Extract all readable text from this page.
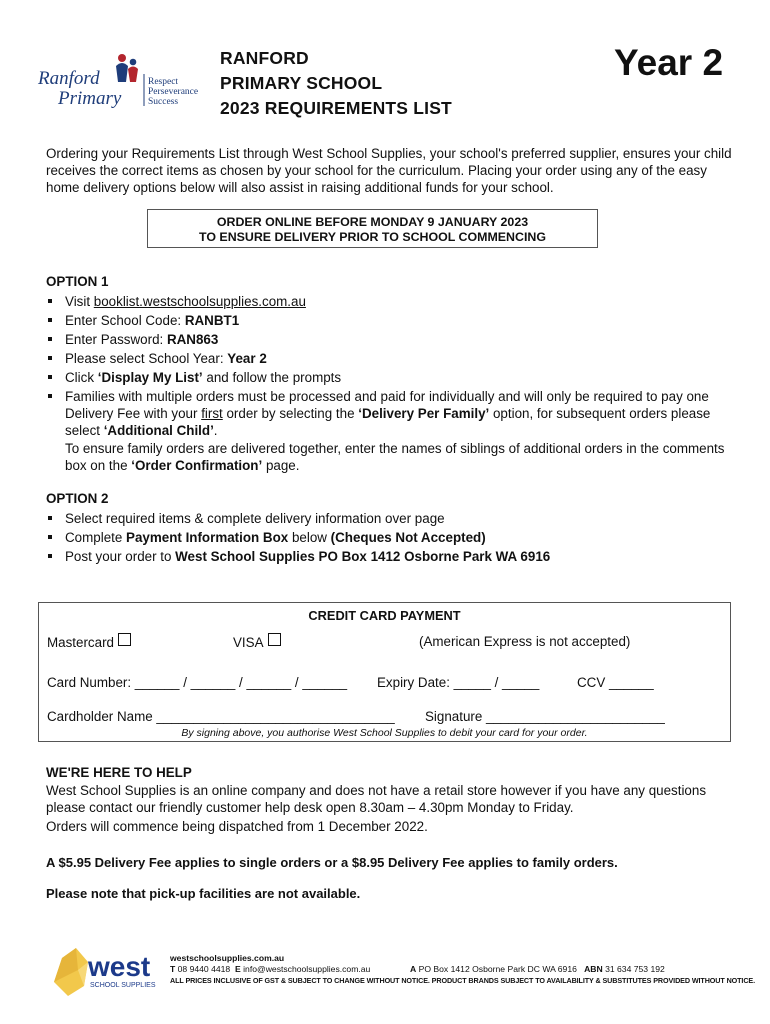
Ranford
Primary
Respect
Perseverance
Success
RANFORD
PRIMARY SCHOOL
2023 REQUIREMENTS LIST
Year 2
Ordering your Requirements List through West School Supplies, your school's preferred supplier, ensures your child receives the correct items as chosen by your school for the curriculum. Placing your order using any of the easy home delivery options below will also assist in raising additional funds for your school.
ORDER ONLINE BEFORE MONDAY 9 JANUARY 2023
TO ENSURE DELIVERY PRIOR TO SCHOOL COMMENCING
OPTION 1
Visit booklist.westschoolsupplies.com.au
Enter School Code: RANBT1
Enter Password: RAN863
Please select School Year: Year 2
Click ‘Display My List’ and follow the prompts
Families with multiple orders must be processed and paid for individually and will only be required to pay one Delivery Fee with your first order by selecting the ‘Delivery Per Family’ option, for subsequent orders please select ‘Additional Child’.
To ensure family orders are delivered together, enter the names of siblings of additional orders in the comments box on the ‘Order Confirmation’ page.
OPTION 2
Select required items & complete delivery information over page
Complete Payment Information Box below (Cheques Not Accepted)
Post your order to West School Supplies PO Box 1412 Osborne Park WA 6916
CREDIT CARD PAYMENT
Mastercard	VISA	(American Express is not accepted)
Card Number: ______ / ______ / ______ / ______ Expiry Date: _____ / _____	CCV ______
Cardholder Name ________________________________ Signature ________________________
By signing above, you authorise West School Supplies to debit your card for your order.
WE'RE HERE TO HELP
West School Supplies is an online company and does not have a retail store however if you have any questions please contact our friendly customer help desk open 8.30am – 4.30pm Monday to Friday.
Orders will commence being dispatched from 1 December 2022.
A $5.95 Delivery Fee applies to single orders or a $8.95 Delivery Fee applies to family orders.
Please note that pick-up facilities are not available.
west
SCHOOL SUPPLIES
westschoolsupplies.com.au
T 08 9440 4418 E info@westschoolsupplies.com.au	A PO Box 1412 Osborne Park DC WA 6916 ABN 31 634 753 192
ALL PRICES INCLUSIVE OF GST & SUBJECT TO CHANGE WITHOUT NOTICE. PRODUCT BRANDS SUBJECT TO AVAILABILITY & SUBSTITUTES PROVIDED WITHOUT NOTICE.
